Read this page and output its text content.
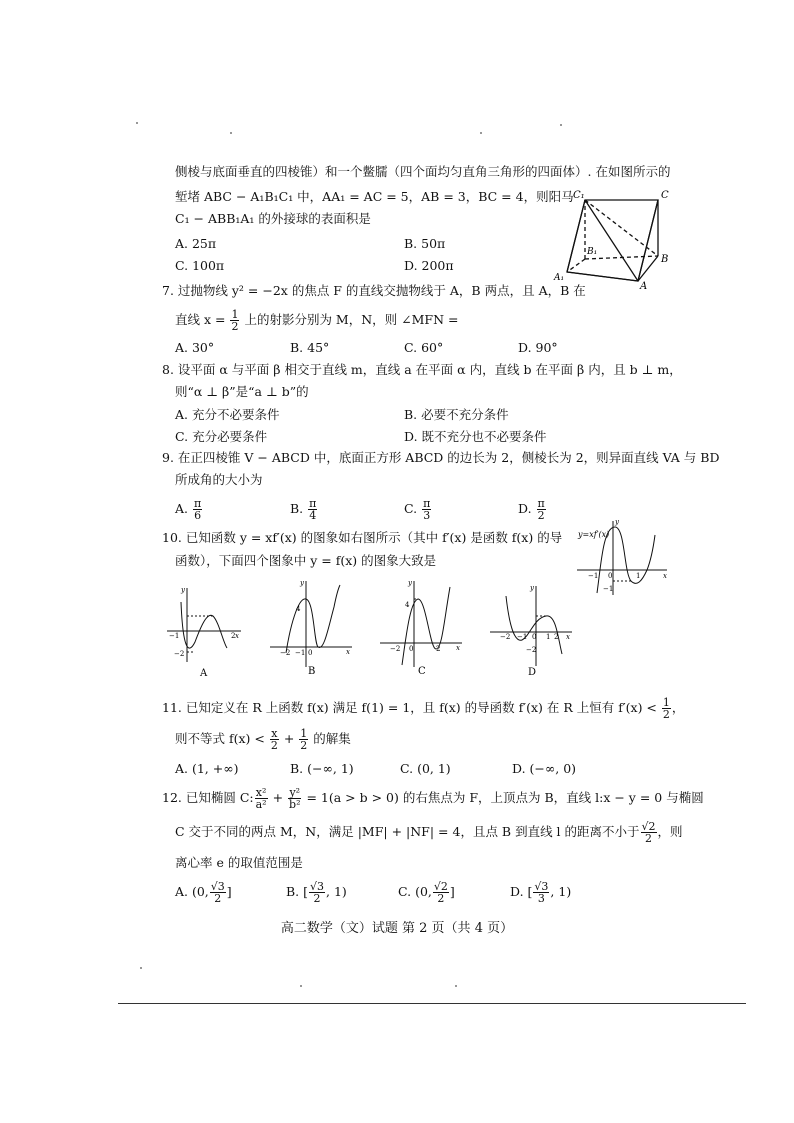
侧棱与底面垂直的四棱锥）和一个鳖臑（四个面均匀直角三角形的四面体）. 在如图所示的
堑堵 ABC − A₁B₁C₁ 中，AA₁ = AC = 5，AB = 3，BC = 4，则阳马
C₁ − ABB₁A₁ 的外接球的表面积是
A. 25π	B. 50π
C. 100π	D. 200π
C₁	C
B₁
B
A₁
A
7. 过抛物线 y² = −2x 的焦点 F 的直线交抛物线于 A，B 两点，且 A，B 在
直线 $x = \frac{1}{2}$ 上的射影分别为 M，N，则 ∠MFN =
A. 30°	B. 45°	C. 60°	D. 90°
8. 设平面 α 与平面 β 相交于直线 m，直线 a 在平面 α 内，直线 b 在平面 β 内，且 b ⊥ m，
则“α ⊥ β”是“a ⊥ b”的
A. 充分不必要条件	B. 必要不充分条件
C. 充分必要条件	D. 既不充分也不必要条件
9. 在正四棱锥 V − ABCD 中，底面正方形 ABCD 的边长为 2，侧棱长为 2，则异面直线 VA 与 BD
所成角的大小为
A. $\frac{\pi}{6}$	B. $\frac{\pi}{4}$	C. $\frac{\pi}{3}$	D. $\frac{\pi}{2}$
10. 已知函数 y = xf′(x) 的图象如右图所示（其中 f′(x) 是函数 f(x) 的导
函数），下面四个图象中 y = f(x) 的图象大致是
y=xf′(x)
y
x
−1 0	1
−1
y
x
−1	2
−2
A
y
x
4
−2 −1 0
B
y
x
4
−2 0	2
C
y
x
−2 −1 0 1 2
−2
D
11. 已知定义在 R 上函数 f(x) 满足 f(1) = 1，且 f(x) 的导函数 f′(x) 在 R 上恒有 $f'(x) < \frac{1}{2}$ ，
则不等式 $f(x) < \frac{x}{2} + \frac{1}{2}$ 的解集
A. (1, +∞)	B. (−∞, 1)	C. (0, 1)	D. (−∞, 0)
12. 已知椭圆 C: $\frac{\text{x²}}{\text{a²}} + \frac{\text{y²}}{\text{b²}} = 1(a > b > 0)$ 的右焦点为 F，上顶点为 B，直线 l:x − y = 0 与椭圆
C 交于不同的两点 M，N，满足 |MF| + |NF| = 4，且点 B 到直线 l 的距离不小于 $\frac{√2}{2}$ ，则
离心率 e 的取值范围是
A. (0, $\frac{√3}{2}$ ]	B. [ $\frac{√3}{2}$ , 1)	C. (0, $\frac{√2}{2}$ ]	D. [ $\frac{√3}{3}$ , 1)
高二数学（文）试题 第 2 页（共 4 页）
